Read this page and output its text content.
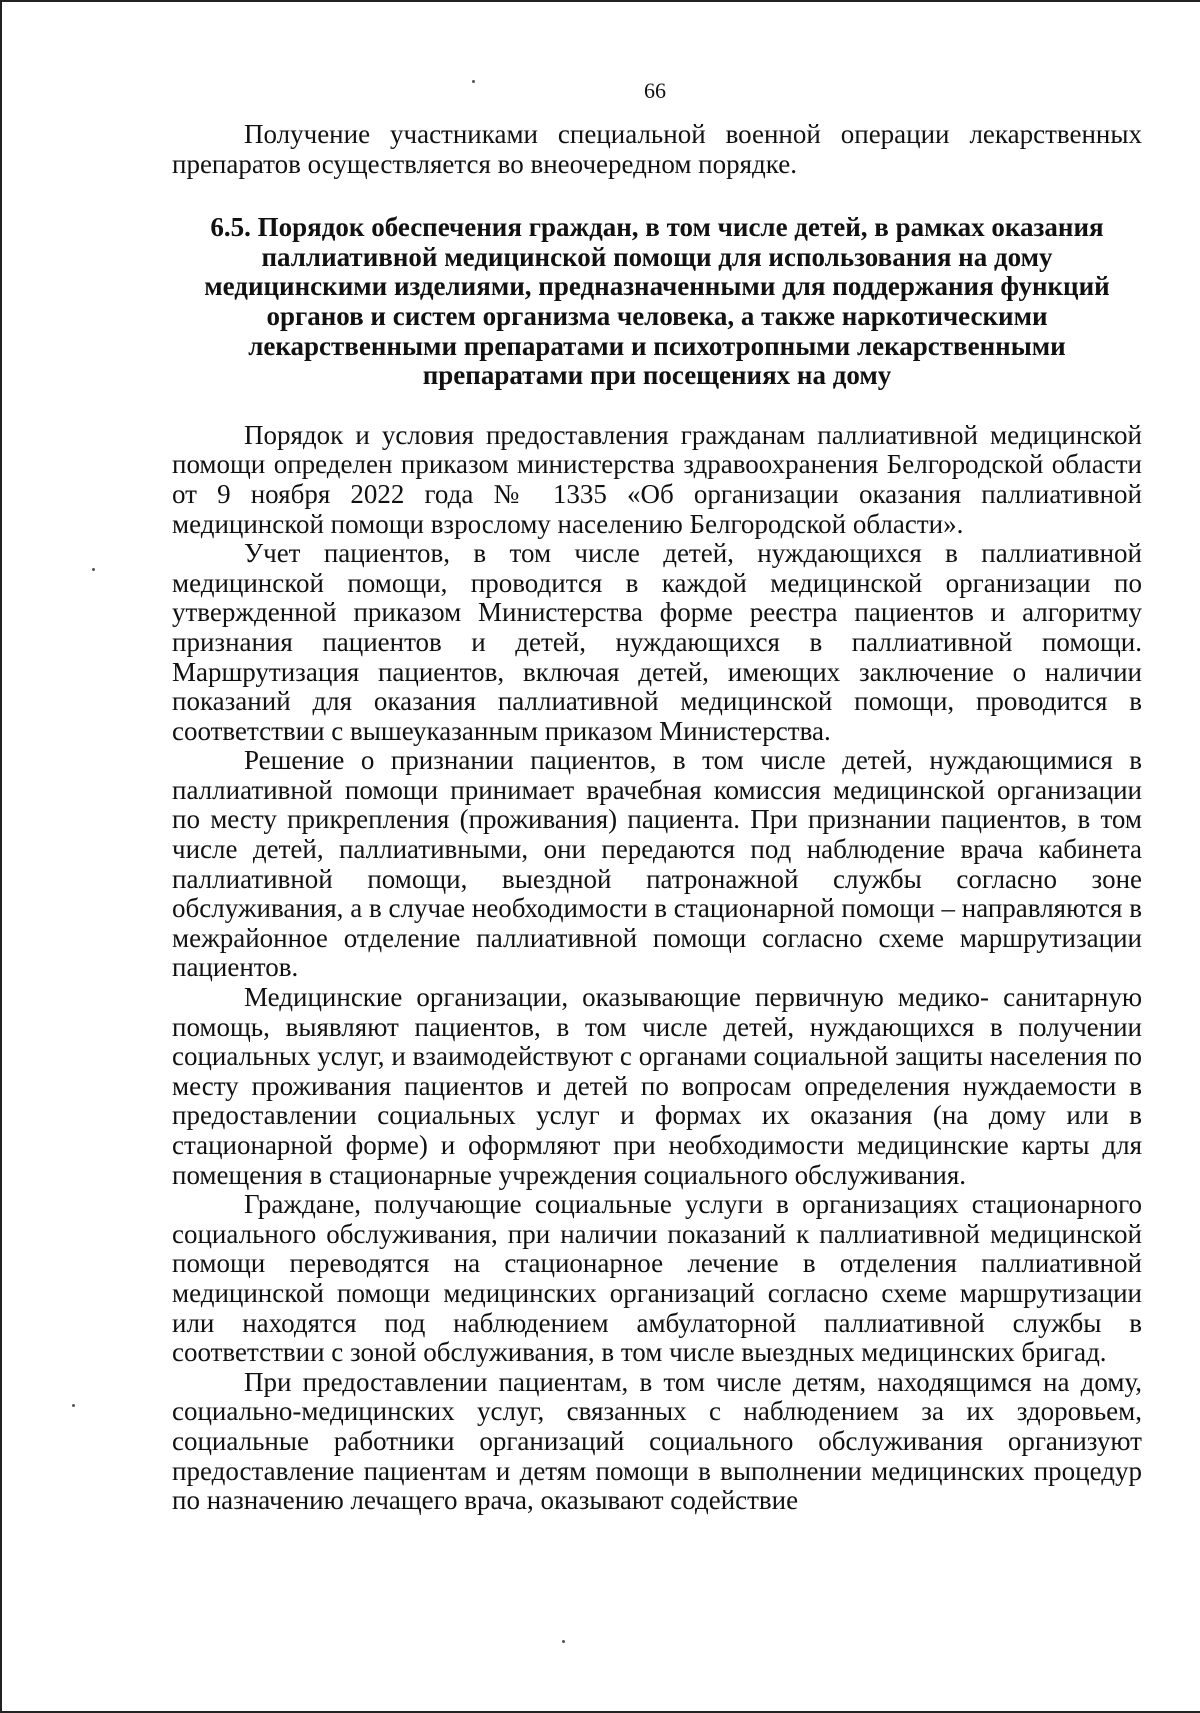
66

Получение участниками специальной военной операции лекарственных препаратов осуществляется во внеочередном порядке.

6.5. Порядок обеспечения граждан, в том числе детей, в рамках оказания паллиативной медицинской помощи для использования на дому медицинскими изделиями, предназначенными для поддержания функций органов и систем организма человека, а также наркотическими лекарственными препаратами и психотропными лекарственными препаратами при посещениях на дому

Порядок и условия предоставления гражданам паллиативной медицинской помощи определен приказом министерства здравоохранения Белгородской области от 9 ноября 2022 года № 1335 «Об организации оказания паллиативной медицинской помощи взрослому населению Белгородской области».

Учет пациентов, в том числе детей, нуждающихся в паллиативной медицинской помощи, проводится в каждой медицинской организации по утвержденной приказом Министерства форме реестра пациентов и алгоритму признания пациентов и детей, нуждающихся в паллиативной помощи. Маршрутизация пациентов, включая детей, имеющих заключение о наличии показаний для оказания паллиативной медицинской помощи, проводится в соответствии с вышеуказанным приказом Министерства.

Решение о признании пациентов, в том числе детей, нуждающимися в паллиативной помощи принимает врачебная комиссия медицинской организации по месту прикрепления (проживания) пациента. При признании пациентов, в том числе детей, паллиативными, они передаются под наблюдение врача кабинета паллиативной помощи, выездной патронажной службы согласно зоне обслуживания, а в случае необходимости в стационарной помощи – направляются в межрайонное отделение паллиативной помощи согласно схеме маршрутизации пациентов.

Медицинские организации, оказывающие первичную медико- санитарную помощь, выявляют пациентов, в том числе детей, нуждающихся в получении социальных услуг, и взаимодействуют с органами социальной защиты населения по месту проживания пациентов и детей по вопросам определения нуждаемости в предоставлении социальных услуг и формах их оказания (на дому или в стационарной форме) и оформляют при необходимости медицинские карты для помещения в стационарные учреждения социального обслуживания.

Граждане, получающие социальные услуги в организациях стационарного социального обслуживания, при наличии показаний к паллиативной медицинской помощи переводятся на стационарное лечение в отделения паллиативной медицинской помощи медицинских организаций согласно схеме маршрутизации или находятся под наблюдением амбулаторной паллиативной службы в соответствии с зоной обслуживания, в том числе выездных медицинских бригад.

При предоставлении пациентам, в том числе детям, находящимся на дому, социально-медицинских услуг, связанных с наблюдением за их здоровьем, социальные работники организаций социального обслуживания организуют предоставление пациентам и детям помощи в выполнении медицинских процедур по назначению лечащего врача, оказывают содействие
